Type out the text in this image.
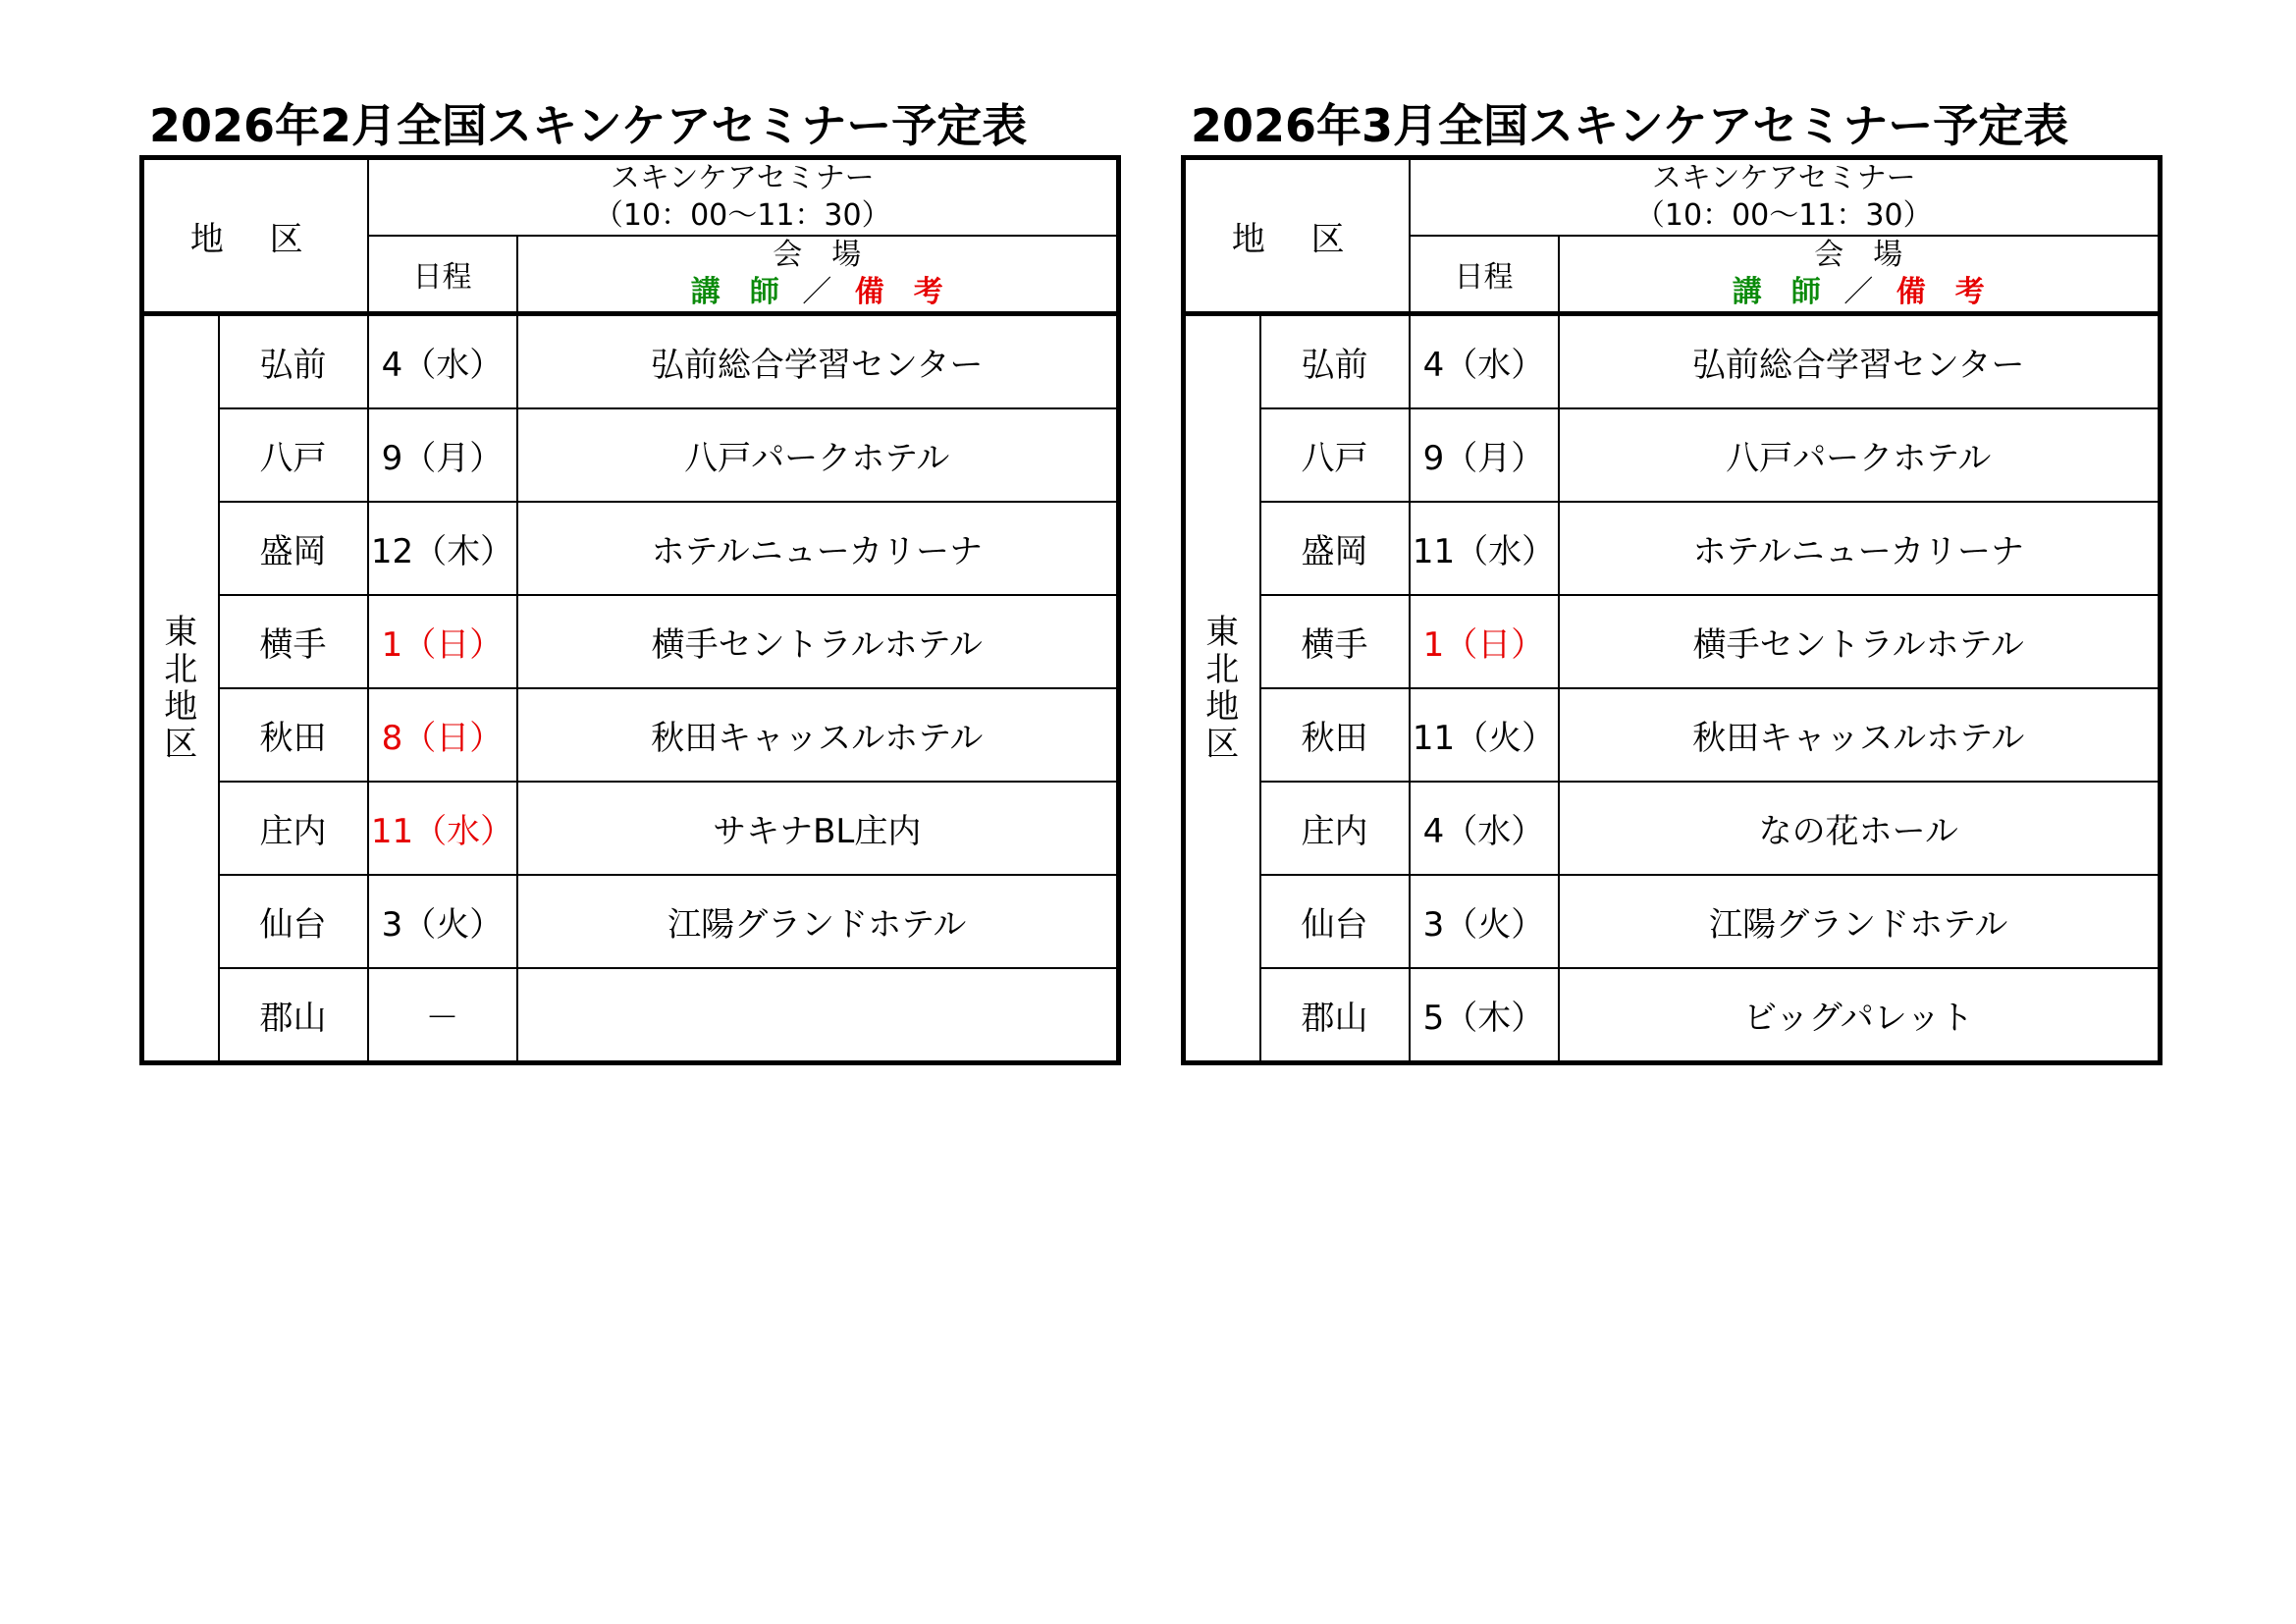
2026年2月全国スキンケアセミナー予定表
地 区		スキンケアセミナー
（10：00～11：30）	

		日程	会　場
講　師 ／ 備　考

東
北
地
区	弘前	4（水）	弘前総合学習センター
	八戸	9（月）	八戸パークホテル
	盛岡	12（木）	ホテルニューカリーナ
	横手	1（日）	横手セントラルホテル
	秋田	8（日）	秋田キャッスルホテル
	庄内	11（水）	サキナBL庄内
	仙台	3（火）	江陽グランドホテル
	郡山	－	
2026年3月全国スキンケアセミナー予定表
地 区		スキンケアセミナー
（10：00～11：30）	

		日程	会　場
講　師 ／ 備　考

東
北
地
区	弘前	4（水）	弘前総合学習センター
	八戸	9（月）	八戸パークホテル
	盛岡	11（水）	ホテルニューカリーナ
	横手	1（日）	横手セントラルホテル
	秋田	11（火）	秋田キャッスルホテル
	庄内	4（水）	なの花ホール
	仙台	3（火）	江陽グランドホテル
	郡山	5（木）	ビッグパレット
